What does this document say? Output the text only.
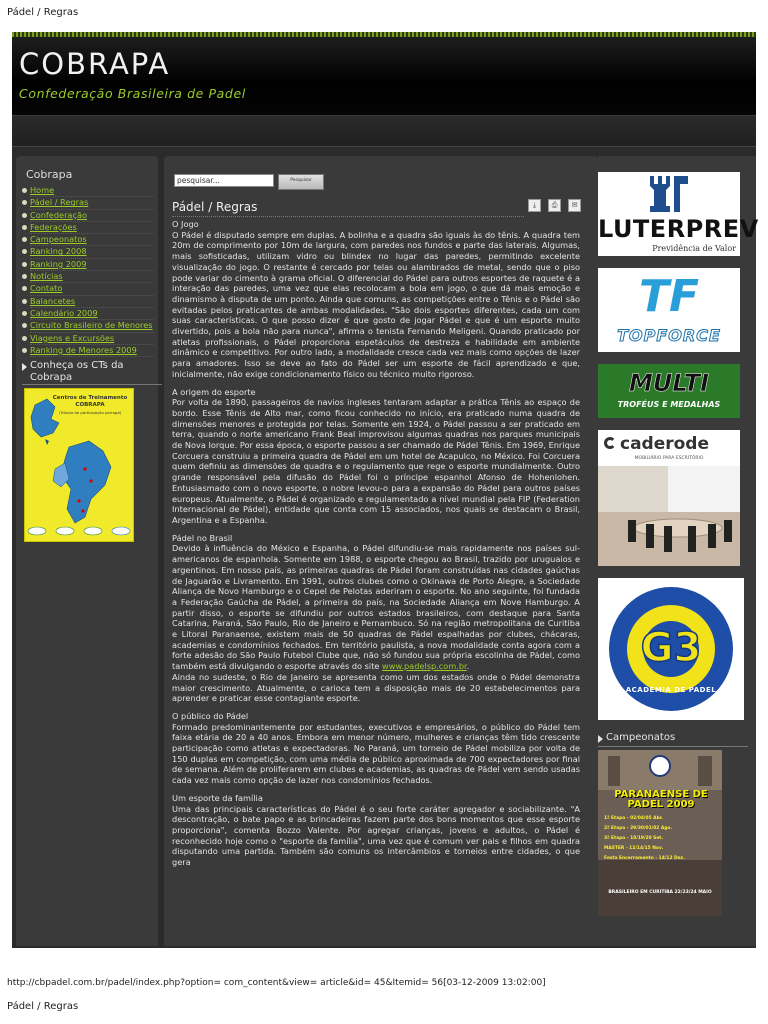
Pádel / Regras
COBRAPA
Confederação Brasileira de Padel
Cobrapa
Home
Pádel / Regras
Confederação
Federações
Campeonatos
Ranking 2008
Ranking 2009
Notícias
Contato
Balancetes
Calendário 2009
Circuito Brasileiro de Menores
Viagens e Excursões
Ranking de Menores 2009
Conheça os CTs da Cobrapa
Centros de Treinamento COBRAPA
(Tributo de participação perrogá)
pesquisar...
Pesquisar
Pádel / Regras	⤓	⎙	✉

O Jogo
O Pádel é disputado sempre em duplas. A bolinha e a quadra são iguais às do tênis. A quadra tem 20m de comprimento por 10m de largura, com paredes nos fundos e parte das laterais. Algumas, mais sofisticadas, utilizam vidro ou blindex no lugar das paredes, permitindo excelente visualização do jogo. O restante é cercado por telas ou alambrados de metal, sendo que o piso pode variar do cimento à grama oficial. O diferencial do Pádel para outros esportes de raquete é a interação das paredes, uma vez que elas recolocam a bola em jogo, o que dá mais emoção e dinamismo à disputa de um ponto. Ainda que comuns, as competições entre o Tênis e o Pádel são evitadas pelos praticantes de ambas modalidades. "São dois esportes diferentes, cada um com suas características. O que posso dizer é que gosto de jogar Pádel e que é um esporte muito divertido, pois a bola não para nunca", afirma o tenista Fernando Meligeni. Quando praticado por atletas profissionais, o Pádel proporciona espetáculos de destreza e habilidade em ambiente dinâmico e competitivo. Por outro lado, a modalidade cresce cada vez mais como opções de lazer para amadores. Isso se deve ao fato do Pádel ser um esporte de fácil aprendizado e que, inicialmente, não exige condicionamento físico ou técnico muito rigoroso.

A origem do esporte
Por volta de 1890, passageiros de navios ingleses tentaram adaptar a prática Tênis ao espaço de bordo. Esse Tênis de Alto mar, como ficou conhecido no início, era praticado numa quadra de dimensões menores e protegida por telas. Somente em 1924, o Pádel passou a ser praticado em terra, quando o norte americano Frank Beal improvisou algumas quadras nos parques municipais de Nova Iorque. Por essa época, o esporte passou a ser chamado de Pádel Tênis. Em 1969, Enrique Corcuera construiu a primeira quadra de Pádel em um hotel de Acapulco, no México. Foi Corcuera quem definiu as dimensões de quadra e o regulamento que rege o esporte mundialmente. Outro grande responsável pela difusão do Pádel foi o príncipe espanhol Afonso de Hohenlohen. Entusiasmado com o novo esporte, o nobre levou-o para a expansão do Pádel para outros países europeus. Atualmente, o Pádel é organizado e regulamentado a nível mundial pela FIP (Federation Internacional de Pádel), entidade que conta com 15 associados, nos quais se destacam o Brasil, Argentina e a Espanha.

Pádel no Brasil
Devido à influência do México e Espanha, o Pádel difundiu-se mais rapidamente nos países sul-americanos de espanhola. Somente em 1988, o esporte chegou ao Brasil, trazido por uruguaios e argentinos. Em nosso país, as primeiras quadras de Pádel foram construídas nas cidades gaúchas de Jaguarão e Livramento. Em 1991, outros clubes como o Okinawa de Porto Alegre, a Sociedade Aliança de Novo Hamburgo e o Cepel de Pelotas aderiram o esporte. No ano seguinte, foi fundada a Federação Gaúcha de Pádel, a primeira do país, na Sociedade Aliança em Nove Hamburgo. A partir disso, o esporte se difundiu por outros estados brasileiros, com destaque para Santa Catarina, Paraná, São Paulo, Rio de Janeiro e Pernambuco. Só na região metropolitana de Curitiba e Litoral Paranaense, existem mais de 50 quadras de Pádel espalhadas por clubes, chácaras, academias e condomínios fechados. Em território paulista, a nova modalidade conta agora com a forte adesão do São Paulo Futebol Clube que, não só fundou sua própria escolinha de Pádel, como também está divulgando o esporte através do site www.padelsp.com.br.
Ainda no sudeste, o Rio de Janeiro se apresenta como um dos estados onde o Pádel demonstra maior crescimento. Atualmente, o carioca tem a disposição mais de 20 estabelecimentos para aprender e praticar esse contagiante esporte.

O público do Pádel
Formado predominantemente por estudantes, executivos e empresários, o público do Pádel tem faixa etária de 20 a 40 anos. Embora em menor número, mulheres e crianças têm tido crescente participação como atletas e expectadoras. No Paraná, um torneio de Pádel mobiliza por volta de 150 duplas em competição, com uma média de público aproximada de 700 expectadores por final de semana. Além de proliferarem em clubes e academias, as quadras de Pádel vem sendo usadas cada vez mais como opção de lazer nos condomínios fechados.

Um esporte da família
Uma das principais características do Pádel é o seu forte caráter agregador e sociabilizante. "A descontração, o bate papo e as brincadeiras fazem parte dos bons momentos que esse esporte proporciona", comenta Bozzo Valente. Por agregar crianças, jovens e adultos, o Pádel é reconhecido hoje como o "esporte da família", uma vez que é comum ver pais e filhos em quadra disputando uma partida. Também são comuns os intercâmbios e torneios entre cidades, o que gera

LUTERPREV
Previdência de Valor
TF
TOPFORCE
MULTI
TROFÉUS E MEDALHAS
caderode
MOBILIÁRIO PARA ESCRITÓRIO
G3
ACADEMIA DE PADEL
Campeonatos
PARANAENSE DE PADEL 2009
1ª Etapa - 02/04/05 Abr.
2ª Etapa - 29/30/01/02 Ago.
3ª Etapa - 18/19/20 Set.
MASTER - 12/14/15 Nov.
Festa Encerramento - 14/12 Dez.
BRASILEIRO EM CURITIBA 22/23/24 MAIO
http://cbpadel.com.br/padel/index.php?option= com_content&view= article&id= 45&Itemid= 56[03-12-2009 13:02:00]
Pádel / Regras
